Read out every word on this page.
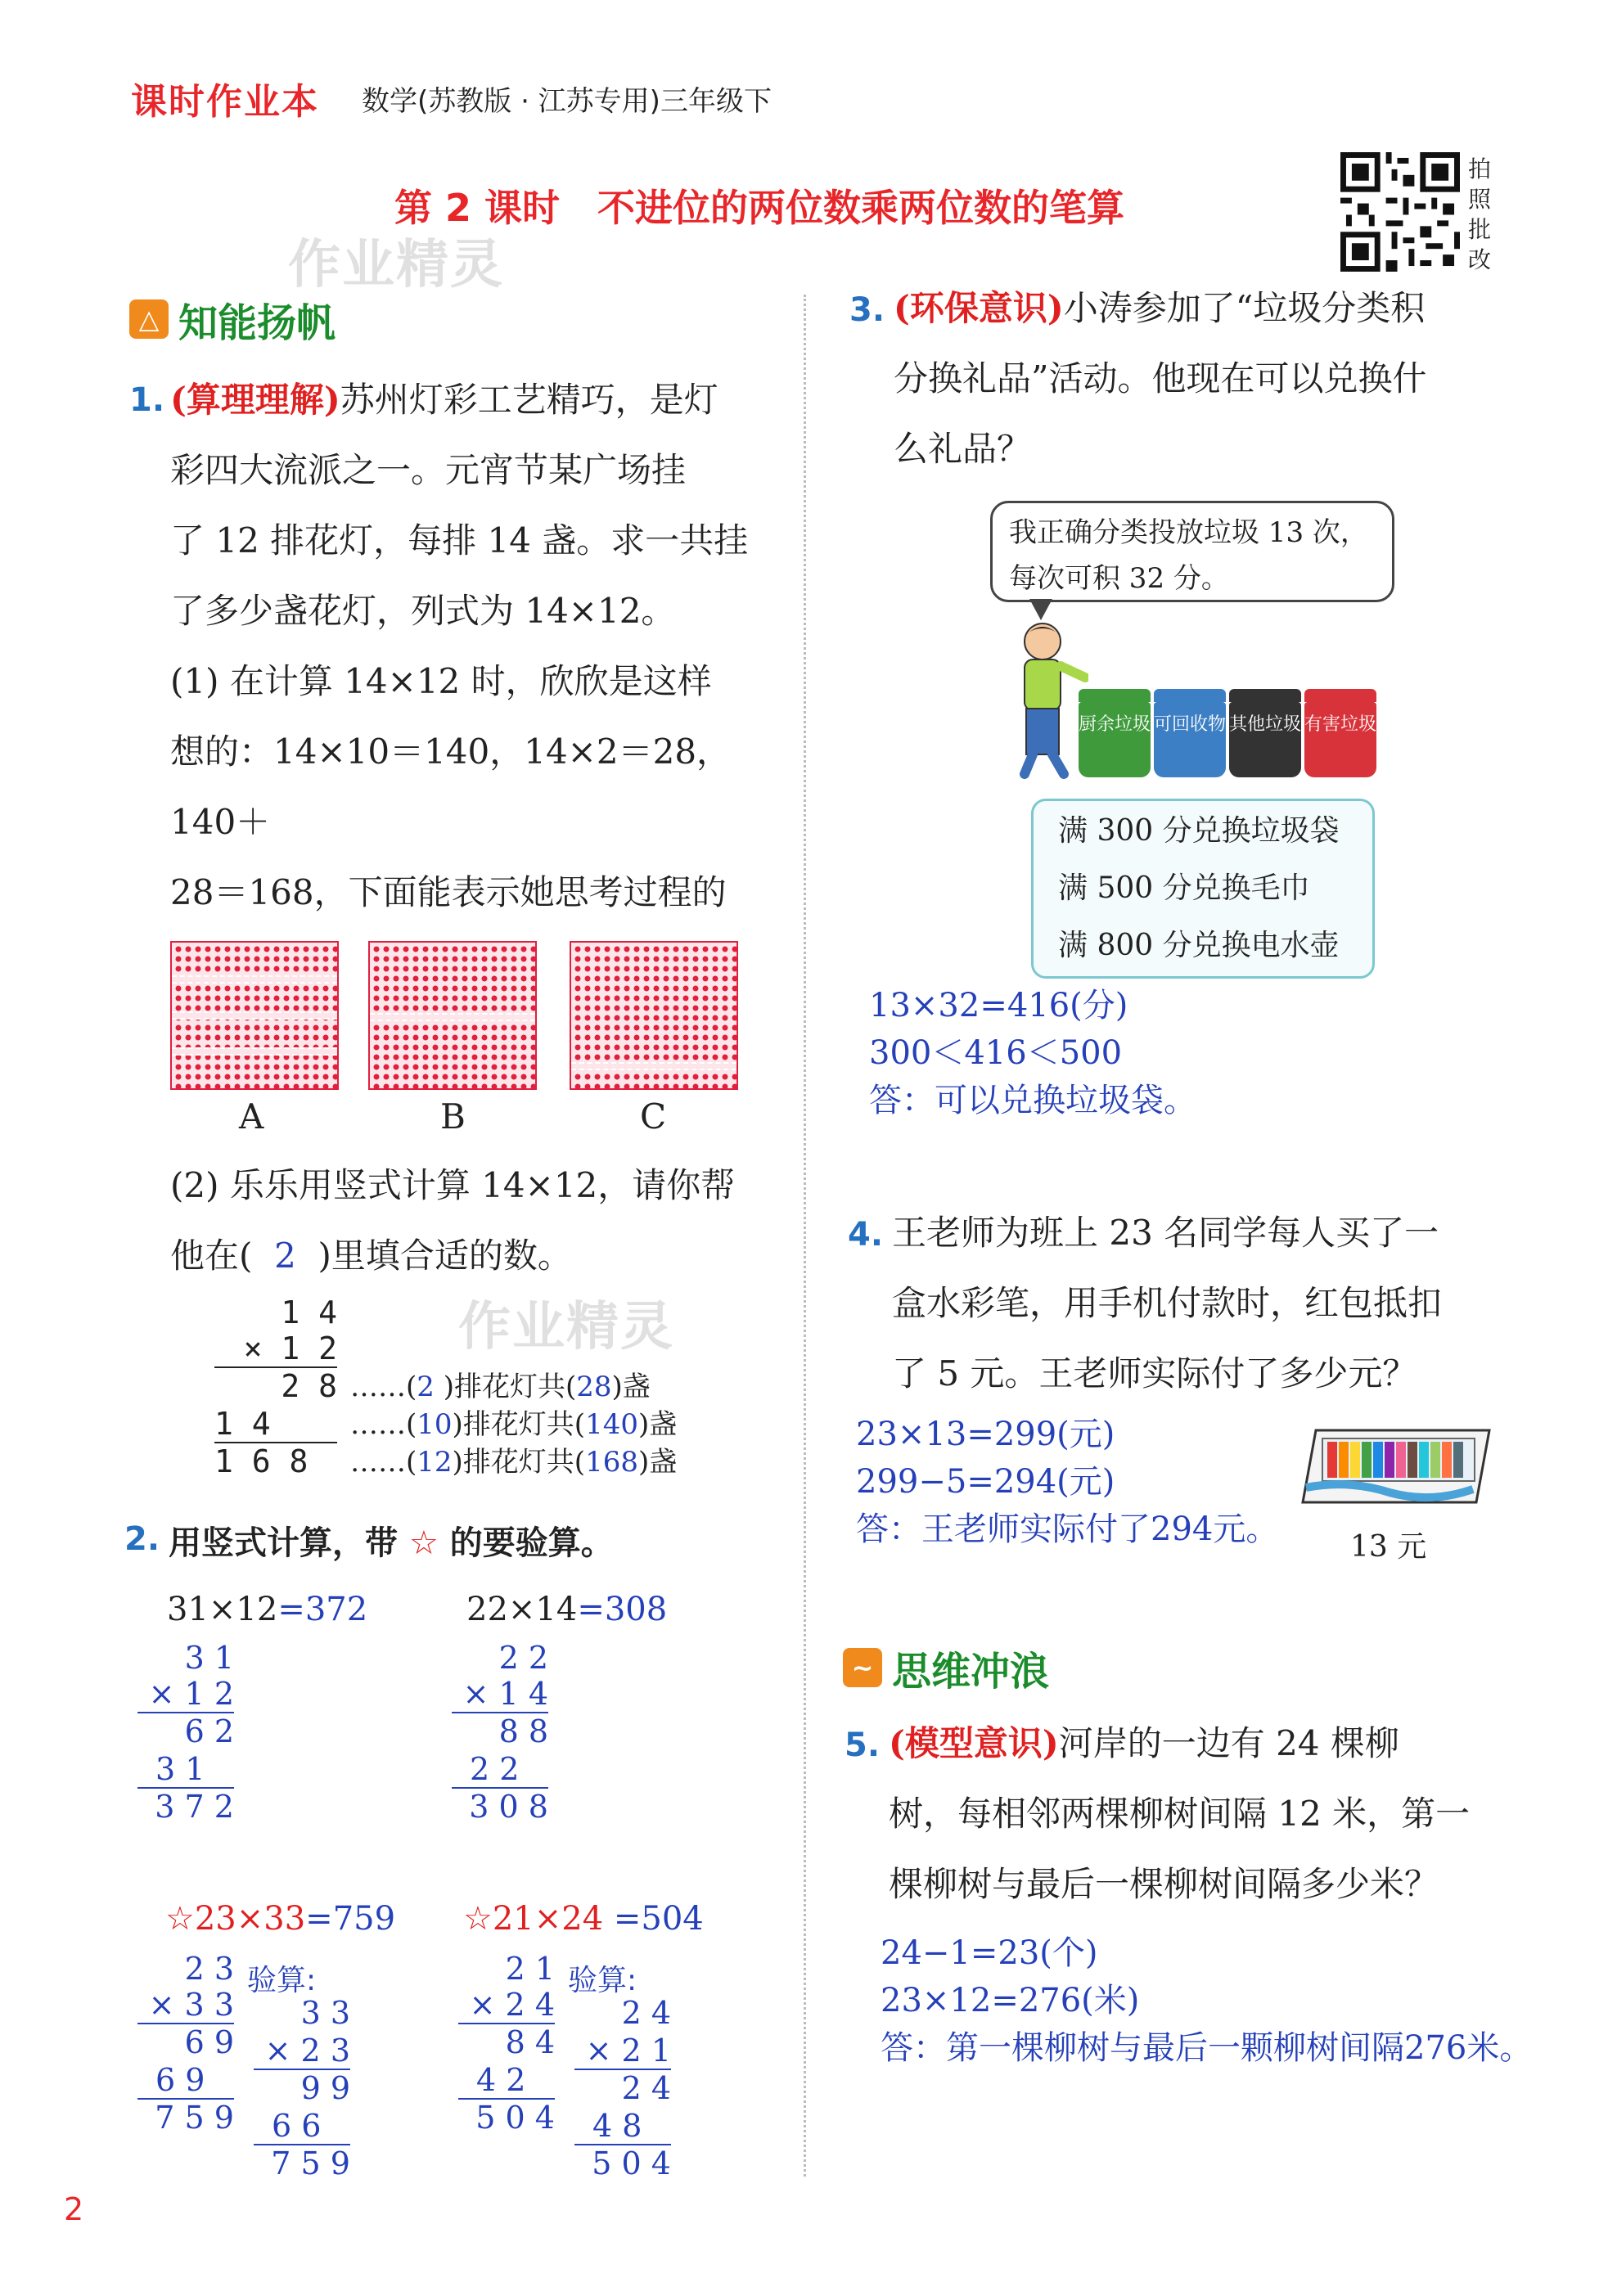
课时作业本 数学(苏教版 · 江苏专用)三年级下
第 2 课时　不进位的两位数乘两位数的笔算
拍
照
批
改
作业精灵
作业精灵
△ 知能扬帆
1. (算理理解)苏州灯彩工艺精巧，是灯
彩四大流派之一。元宵节某广场挂
了 12 排花灯，每排 14 盏。求一共挂
了多少盏花灯，列式为 14×12。
(1) 在计算 14×12 时，欣欣是这样
想的：14×10＝140，14×2＝28，140＋
28＝168，下面能表示她思考过程的

A	B	C
(2) 乐乐用竖式计算 14×12，请你帮
他在( 2 )里填合适的数。
1 4
× 1 2
2 8
1 4
1 6 8
……(2 )排花灯共(28)盏
……(10)排花灯共(140)盏
……(12)排花灯共(168)盏
2. 用竖式计算，带 ☆ 的要验算。
31×12=372
3 1
× 1 2
6 2
3 1
3 7 2
22×14=308
2 2
× 1 4
8 8
2 2
3 0 8
☆23×33=759
2 3
× 3 3
6 9
6 9
7 5 9
验算:
3 3
× 2 3
9 9
6 6
7 5 9
☆21×24 =504
2 1
× 2 4
8 4
4 2
5 0 4
验算:
2 4
× 2 1
2 4
4 8
5 0 4
3. (环保意识)小涛参加了“垃圾分类积
分换礼品”活动。他现在可以兑换什
么礼品？
我正确分类投放垃圾 13 次，
每次可积 32 分。
厨余垃圾 可回收物 其他垃圾 有害垃圾
满 300 分兑换垃圾袋
满 500 分兑换毛巾
满 800 分兑换电水壶
13×32=416(分)
300＜416＜500
答：可以兑换垃圾袋。
4. 王老师为班上 23 名同学每人买了一
盒水彩笔，用手机付款时，红包抵扣
了 5 元。王老师实际付了多少元？
23×13=299(元)
299−5=294(元)
答：王老师实际付了294元。 13 元
~ 思维冲浪
5. (模型意识)河岸的一边有 24 棵柳
树，每相邻两棵柳树间隔 12 米，第一
棵柳树与最后一棵柳树间隔多少米？
24−1=23(个)
23×12=276(米)
答：第一棵柳树与最后一颗柳树间隔276米。
2
